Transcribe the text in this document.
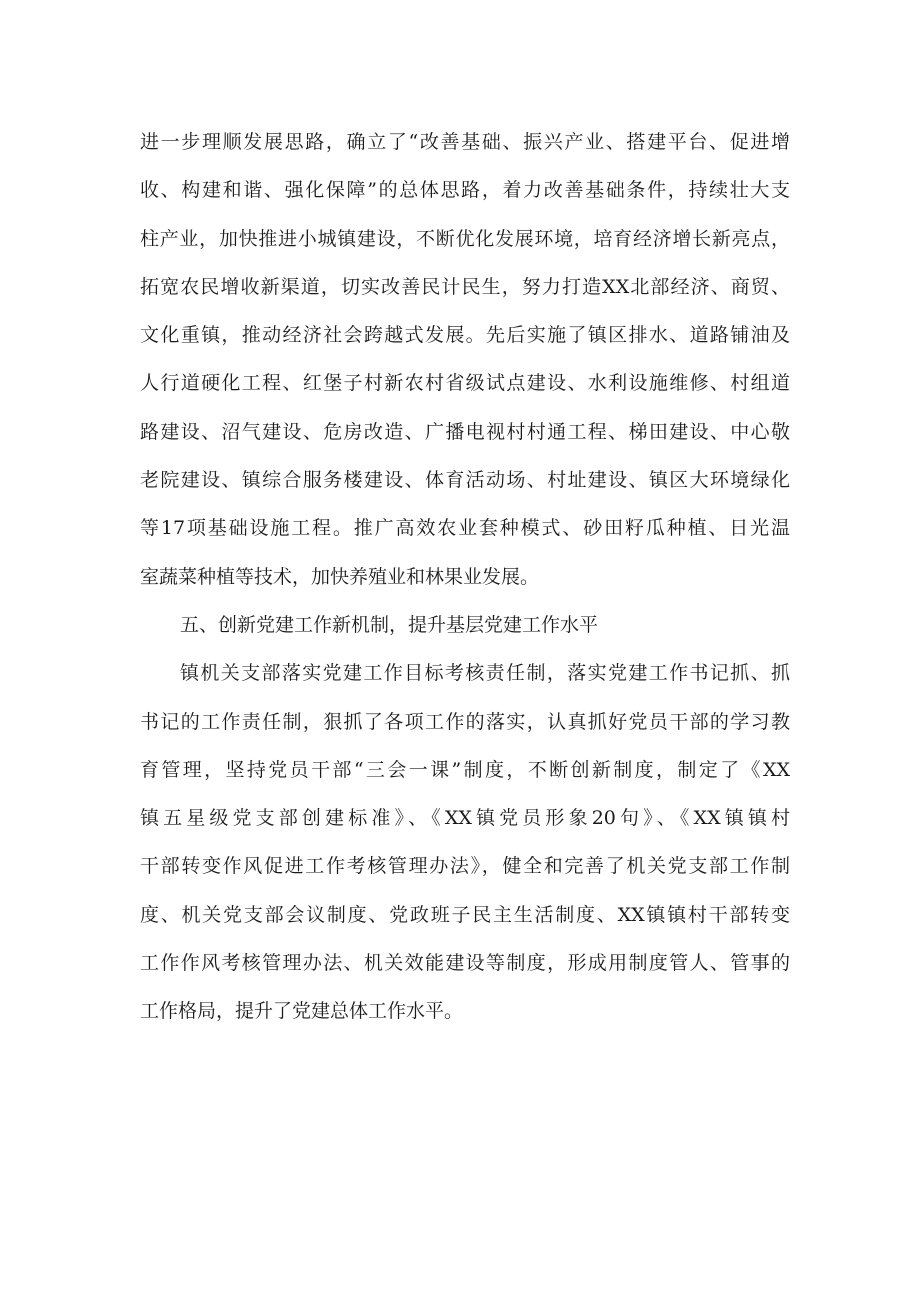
进一步理顺发展思路，确立了“改善基础、振兴产业、搭建平台、促进增
收、构建和谐、强化保障”的总体思路，着力改善基础条件，持续壮大支
柱产业，加快推进小城镇建设，不断优化发展环境，培育经济增长新亮点，
拓宽农民增收新渠道，切实改善民计民生，努力打造XX北部经济、商贸、
文化重镇，推动经济社会跨越式发展。先后实施了镇区排水、道路铺油及
人行道硬化工程、红堡子村新农村省级试点建设、水利设施维修、村组道
路建设、沼气建设、危房改造、广播电视村村通工程、梯田建设、中心敬
老院建设、镇综合服务楼建设、体育活动场、村址建设、镇区大环境绿化
等17项基础设施工程。推广高效农业套种模式、砂田籽瓜种植、日光温
室蔬菜种植等技术，加快养殖业和林果业发展。
五、创新党建工作新机制，提升基层党建工作水平
镇机关支部落实党建工作目标考核责任制，落实党建工作书记抓、抓
书记的工作责任制，狠抓了各项工作的落实，认真抓好党员干部的学习教
育管理，坚持党员干部“三会一课”制度，不断创新制度，制定了《XX
镇五星级党支部创建标准》、《XX镇党员形象20句》、《XX镇镇村
干部转变作风促进工作考核管理办法》，健全和完善了机关党支部工作制
度、机关党支部会议制度、党政班子民主生活制度、XX镇镇村干部转变
工作作风考核管理办法、机关效能建设等制度，形成用制度管人、管事的
工作格局，提升了党建总体工作水平。
